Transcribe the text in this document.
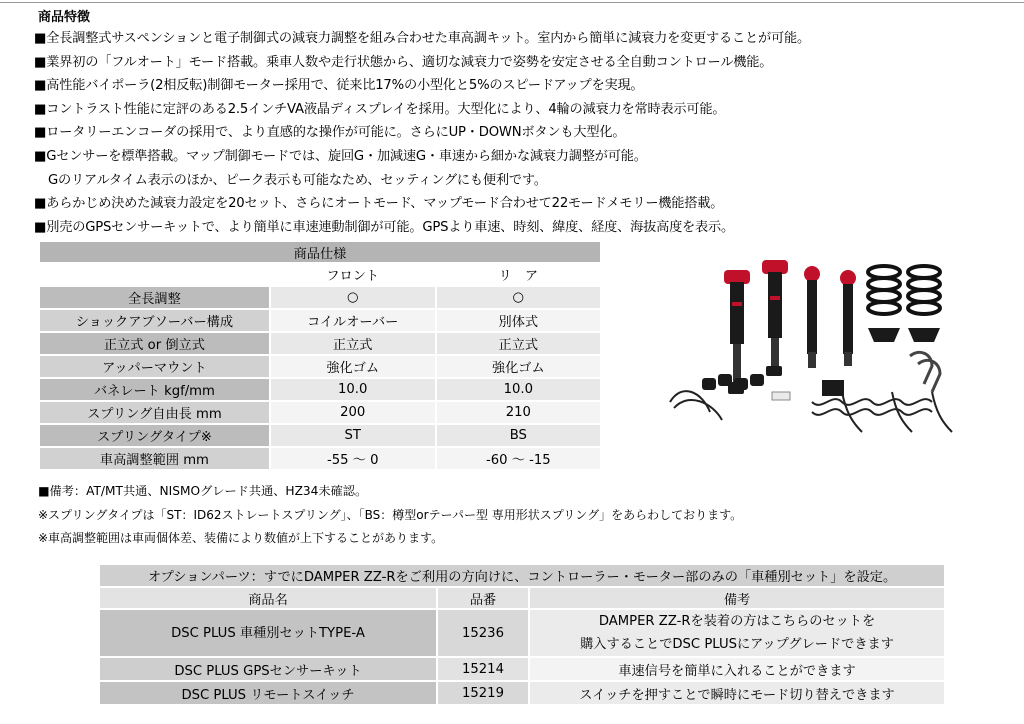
商品特徴
■全長調整式サスペンションと電子制御式の減衰力調整を組み合わせた車高調キット。室内から簡単に減衰力を変更することが可能。
■業界初の「フルオート」モード搭載。乗車人数や走行状態から、適切な減衰力で姿勢を安定させる全自動コントロール機能。
■高性能バイポーラ(2相反転)制御モーター採用で、従来比17%の小型化と5%のスピードアップを実現。
■コントラスト性能に定評のある2.5インチVA液晶ディスプレイを採用。大型化により、4輪の減衰力を常時表示可能。
■ロータリーエンコーダの採用で、より直感的な操作が可能に。さらにUP・DOWNボタンも大型化。
■Gセンサーを標準搭載。マップ制御モードでは、旋回G・加減速G・車速から細かな減衰力調整が可能。
Gのリアルタイム表示のほか、ピーク表示も可能なため、セッティングにも便利です。
■あらかじめ決めた減衰力設定を20セット、さらにオートモード、マップモード合わせて22モードメモリー機能搭載。
■別売のGPSセンサーキットで、より簡単に車速連動制御が可能。GPSより車速、時刻、緯度、経度、海抜高度を表示。
商品仕様		
	フロント	リ　ア
全長調整	○	○
ショックアブソーバー構成	コイルオーバー	別体式
正立式 or 倒立式	正立式	正立式
アッパーマウント	強化ゴム	強化ゴム
バネレート kgf/mm	10.0	10.0
スプリング自由長 mm	200	210
スプリングタイプ※	ST	BS
車高調整範囲 mm	-55 ～ 0	-60 ～ -15
■備考：AT/MT共通、NISMOグレード共通、HZ34未確認。
※スプリングタイプは「ST：ID62ストレートスプリング」、「BS：樽型orテーパー型 専用形状スプリング」をあらわしております。
※車高調整範囲は車両個体差、装備により数値が上下することがあります。
オプションパーツ：すでにDAMPER ZZ-Rをご利用の方向けに、コントローラー・モーター部のみの「車種別セット」を設定。		
商品名	品番	備考
DSC PLUS 車種別セットTYPE-A	15236	DAMPER ZZ-Rを装着の方はこちらのセットを
購入することでDSC PLUSにアップグレードできます

DSC PLUS GPSセンサーキット	15214	車速信号を簡単に入れることができます
DSC PLUS リモートスイッチ	15219	スイッチを押すことで瞬時にモード切り替えできます
